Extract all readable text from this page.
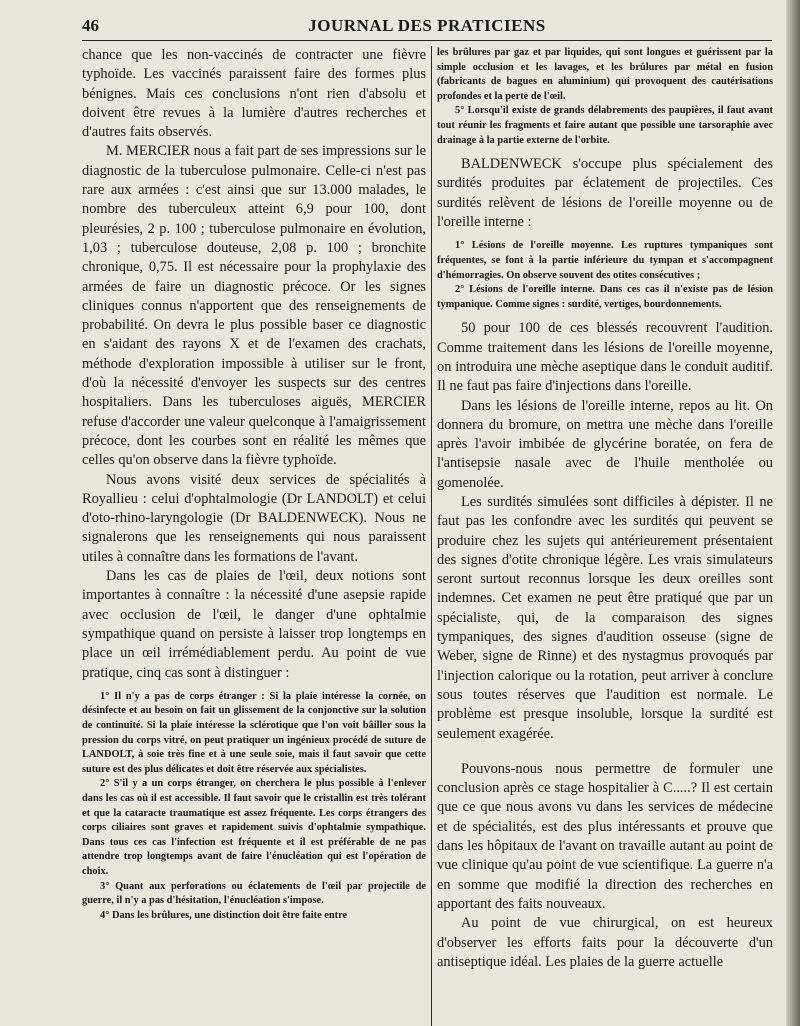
46	JOURNAL DES PRATICIENS

chance que les non-vaccinés de contracter une fièvre typhoïde. Les vaccinés paraissent faire des formes plus bénignes. Mais ces conclusions n'ont rien d'absolu et doivent être revues à la lumière d'autres recherches et d'autres faits observés.

M. MERCIER nous a fait part de ses impressions sur le diagnostic de la tuberculose pulmonaire. Celle-ci n'est pas rare aux armées : c'est ainsi que sur 13.000 malades, le nombre des tuberculeux atteint 6,9 pour 100, dont pleurésies, 2 p. 100 ; tuberculose pulmonaire en évolution, 1,03 ; tuberculose douteuse, 2,08 p. 100 ; bronchite chronique, 0,75. Il est nécessaire pour la prophylaxie des armées de faire un diagnostic précoce. Or les signes cliniques connus n'apportent que des renseignements de probabilité. On devra le plus possible baser ce diagnostic en s'aidant des rayons X et de l'examen des crachats, méthode d'exploration impossible à utiliser sur le front, d'où la nécessité d'envoyer les suspects sur des centres hospitaliers. Dans les tuberculoses aiguës, MERCIER refuse d'accorder une valeur quelconque à l'amaigrissement précoce, dont les courbes sont en réalité les mêmes que celles qu'on observe dans la fièvre typhoïde.

Nous avons visité deux services de spécialités à Royallieu : celui d'ophtalmologie (Dr LANDOLT) et celui d'oto-rhino-laryngologie (Dr BALDENWECK). Nous ne signalerons que les renseignements qui nous paraissent utiles à connaître dans les formations de l'avant.

Dans les cas de plaies de l'œil, deux notions sont importantes à connaître : la nécessité d'une asepsie rapide avec occlusion de l'œil, le danger d'une ophtalmie sympathique quand on persiste à laisser trop longtemps en place un œil irrémédiablement perdu. Au point de vue pratique, cinq cas sont à distinguer :

1° Il n'y a pas de corps étranger : Si la plaie intéresse la cornée, on désinfecte et au besoin on fait un glissement de la conjonctive sur la solution de continuité. Si la plaie intéresse la sclérotique que l'on voit bâiller sous la pression du corps vitré, on peut pratiquer un ingénieux procédé de suture de LANDOLT, à soie très fine et à une seule soie, mais il faut savoir que cette suture est des plus délicates et doit être réservée aux spécialistes.

2° S'il y a un corps étranger, on cherchera le plus possible à l'enlever dans les cas où il est accessible. Il faut savoir que le cristallin est très tolérant et que la cataracte traumatique est assez fréquente. Les corps étrangers des corps ciliaires sont graves et rapidement suivis d'ophtalmie sympathique. Dans tous ces cas l'infection est fréquente et il est préférable de ne pas attendre trop longtemps avant de faire l'énucléation qui est l'opération de choix.

3° Quant aux perforations ou éclatements de l'œil par projectile de guerre, il n'y a pas d'hésitation, l'énucléation s'impose.

4° Dans les brûlures, une distinction doit être faite entre

les brûlures par gaz et par liquides, qui sont longues et guérissent par la simple occlusion et les lavages, et les brûlures par métal en fusion (fabricants de bagues en aluminium) qui provoquent des cautérisations profondes et la perte de l'œil.

5° Lorsqu'il existe de grands délabrements des paupières, il faut avant tout réunir les fragments et faire autant que possible une tarsoraphie avec drainage à la partie externe de l'orbite.

BALDENWECK s'occupe plus spécialement des surdités produites par éclatement de projectiles. Ces surdités relèvent de lésions de l'oreille moyenne ou de l'oreille interne :

1° Lésions de l'oreille moyenne. Les ruptures tympaniques sont fréquentes, se font à la partie inférieure du tympan et s'accompagnent d'hémorragies. On observe souvent des otites consécutives ;

2° Lésions de l'oreille interne. Dans ces cas il n'existe pas de lésion tympanique. Comme signes : surdité, vertiges, bourdonnements.

50 pour 100 de ces blessés recouvrent l'audition. Comme traitement dans les lésions de l'oreille moyenne, on introduira une mèche aseptique dans le conduit auditif. Il ne faut pas faire d'injections dans l'oreille.

Dans les lésions de l'oreille interne, repos au lit. On donnera du bromure, on mettra une mèche dans l'oreille après l'avoir imbibée de glycérine boratée, on fera de l'antisepsie nasale avec de l'huile mentholée ou gomenolée.

Les surdités simulées sont difficiles à dépister. Il ne faut pas les confondre avec les surdités qui peuvent se produire chez les sujets qui antérieurement présentaient des signes d'otite chronique légère. Les vrais simulateurs seront surtout reconnus lorsque les deux oreilles sont indemnes. Cet examen ne peut être pratiqué que par un spécialiste, qui, de la comparaison des signes tympaniques, des signes d'audition osseuse (signe de Weber, signe de Rinne) et des nystagmus provoqués par l'injection calorique ou la rotation, peut arriver à conclure sous toutes réserves que l'audition est normale. Le problème est presque insoluble, lorsque la surdité est seulement exagérée.

Pouvons-nous nous permettre de formuler une conclusion après ce stage hospitalier à C.....? Il est certain que ce que nous avons vu dans les services de médecine et de spécialités, est des plus intéressants et prouve que dans les hôpitaux de l'avant on travaille autant au point de vue clinique qu'au point de vue scientifique. La guerre n'a en somme que modifié la direction des recherches en apportant des faits nouveaux.

Au point de vue chirurgical, on est heureux d'observer les efforts faits pour la découverte d'un antiseptique idéal. Les plaies de la guerre actuelle
